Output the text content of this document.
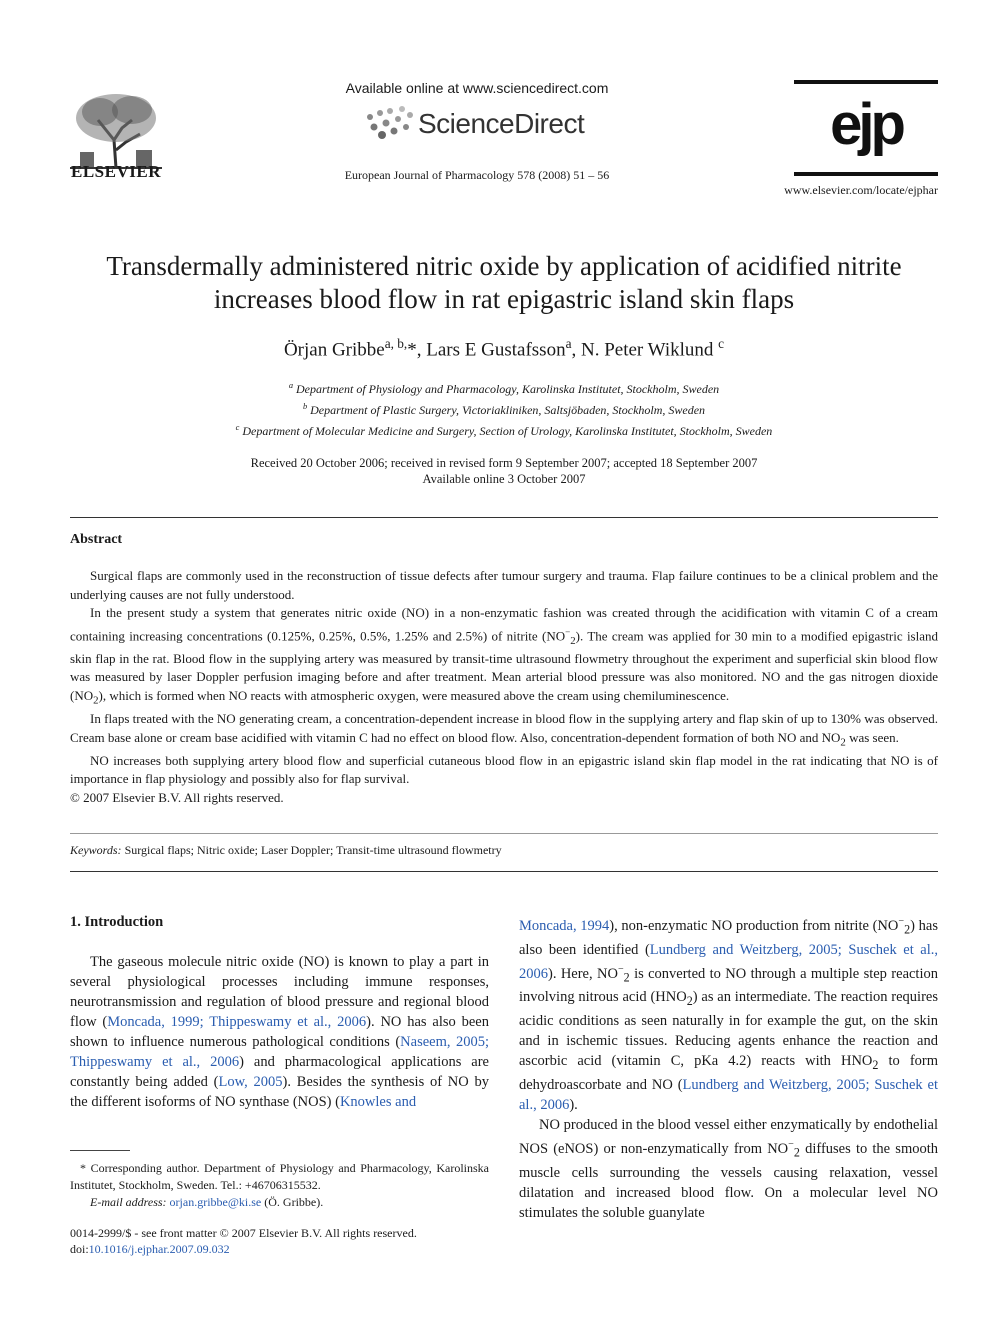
ELSEVIER
Available online at www.sciencedirect.com
ScienceDirect
European Journal of Pharmacology 578 (2008) 51 – 56
ejp
www.elsevier.com/locate/ejphar
Transdermally administered nitric oxide by application of acidified nitrite increases blood flow in rat epigastric island skin flaps
Örjan Gribbe$^{a, b,}$*, Lars E Gustafsson$^a$, N. Peter Wiklund $^c$
$^a$ Department of Physiology and Pharmacology, Karolinska Institutet, Stockholm, Sweden
$^b$ Department of Plastic Surgery, Victoriakliniken, Saltsjöbaden, Stockholm, Sweden
$^c$ Department of Molecular Medicine and Surgery, Section of Urology, Karolinska Institutet, Stockholm, Sweden
Received 20 October 2006; received in revised form 9 September 2007; accepted 18 September 2007
Available online 3 October 2007
Abstract

Surgical flaps are commonly used in the reconstruction of tissue defects after tumour surgery and trauma. Flap failure continues to be a clinical problem and the underlying causes are not fully understood.

In the present study a system that generates nitric oxide (NO) in a non-enzymatic fashion was created through the acidification with vitamin C of a cream containing increasing concentrations (0.125%, 0.25%, 0.5%, 1.25% and 2.5%) of nitrite $(NO^-_2)$. The cream was applied for 30 min to a modified epigastric island skin flap in the rat. Blood flow in the supplying artery was measured by transit-time ultrasound flowmetry throughout the experiment and superficial skin blood flow was measured by laser Doppler perfusion imaging before and after treatment. Mean arterial blood pressure was also monitored. NO and the gas nitrogen dioxide $(NO_2)$, which is formed when NO reacts with atmospheric oxygen, were measured above the cream using chemiluminescence.

In flaps treated with the NO generating cream, a concentration-dependent increase in blood flow in the supplying artery and flap skin of up to 130% was observed. Cream base alone or cream base acidified with vitamin C had no effect on blood flow. Also, concentration-dependent formation of both NO and $NO_2$ was seen.

NO increases both supplying artery blood flow and superficial cutaneous blood flow in an epigastric island skin flap model in the rat indicating that NO is of importance in flap physiology and possibly also for flap survival.

© 2007 Elsevier B.V. All rights reserved.

Keywords: Surgical flaps; Nitric oxide; Laser Doppler; Transit-time ultrasound flowmetry
1. Introduction

The gaseous molecule nitric oxide (NO) is known to play a part in several physiological processes including immune responses, neurotransmission and regulation of blood pressure and regional blood flow (Moncada, 1999; Thippeswamy et al., 2006). NO has also been shown to influence numerous pathological conditions (Naseem, 2005; Thippeswamy et al., 2006) and pharmacological applications are constantly being added (Low, 2005). Besides the synthesis of NO by the different isoforms of NO synthase (NOS) (Knowles and

* Corresponding author. Department of Physiology and Pharmacology, Karolinska Institutet, Stockholm, Sweden. Tel.: +46706315532.
E-mail address: orjan.gribbe@ki.se (Ö. Gribbe).
0014-2999/$ - see front matter © 2007 Elsevier B.V. All rights reserved.
doi:10.1016/j.ejphar.2007.09.032

Moncada, 1994), non-enzymatic NO production from nitrite $(NO^-_2)$ has also been identified (Lundberg and Weitzberg, 2005; Suschek et al., 2006). Here, $NO^-_2$ is converted to NO through a multiple step reaction involving nitrous acid $(HNO_2)$ as an intermediate. The reaction requires acidic conditions as seen naturally in for example the gut, on the skin and in ischemic tissues. Reducing agents enhance the reaction and ascorbic acid (vitamin C, pKa 4.2) reacts with $HNO_2$ to form dehydroascorbate and NO (Lundberg and Weitzberg, 2005; Suschek et al., 2006).

NO produced in the blood vessel either enzymatically by endothelial NOS (eNOS) or non-enzymatically from $NO^-_2$ diffuses to the smooth muscle cells surrounding the vessels causing relaxation, vessel dilatation and increased blood flow. On a molecular level NO stimulates the soluble guanylate
